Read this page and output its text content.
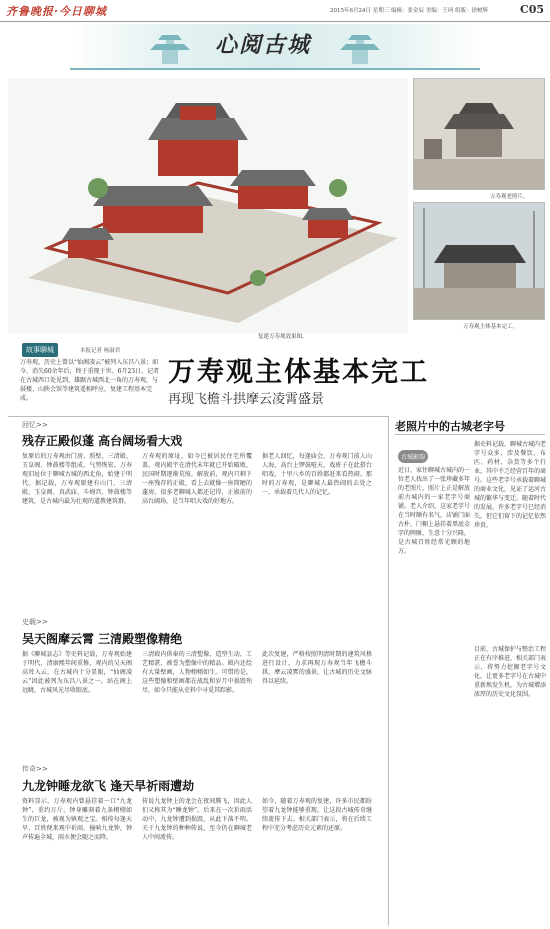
齐鲁晚报·今日聊城	2015年6月24日 星期三 编辑：张金辰 美编：王珂 组版：徐树辉	C05
心阅古城
复建万寿观效果图。
万寿观老照片。
万寿观主体基本完工。
故事聊城	本报记者 杨淑君
万寿观，历史上曾以“仙阁凌云”被列入东昌八景；如今，消失60余年后，终于重现于世。6月23日，记者在古城西口处见到，雄踞古城西北一角的万寿观，与鼓楼、山陕会馆等建筑遥相呼应，复建工程基本完成。
万寿观主体基本完工
再现飞檐斗拱摩云凌霄盛景
回忆>>
残存正殿似蓬 高台阔场看大戏
复原后的万寿观由门房、照壁、三清殿、玉皇阁、钟鼓楼等组成，气势恢宏。万寿观旧址位于聊城古城的西北角，始建于明代。据记载，万寿观原建有山门、三清殿、玉皇阁、真武庙、斗姆宫、钟鼓楼等建筑，是古城内最为壮观的道教建筑群。
万寿观的原址，如今已被居民住宅所覆盖。观内殿宇在清代末年就已开始破败，民国时期逐渐荒废。解放前，观内只剩下一座残存的正殿，看上去就像一座简陋的蓬房。很多老聊城人都还记得，正殿前的高台阔场，是当年唱大戏的好地方。
据老人回忆，每逢庙会，万寿观门前人山人海，高台上锣鼓喧天，戏班子在此搭台唱戏，十里八乡的百姓都赶来看热闹。那时的万寿观，是聊城人最热闹的去处之一，承载着几代人的记忆。
史载>>
吴天阁摩云霄 三清殿塑像精绝
据《聊城县志》等史料记载，万寿观始建于明代，清康熙年间重修，观内的吴天阁高耸入云，在古城内十分显眼，“仙阁凌云”因此被列为东昌八景之一。站在阁上远眺，古城风光尽收眼底。
三清殿内供奉的三清塑像，造型生动，工艺精湛，被誉为塑像中的精品。殿内还绘有大量壁画，人物栩栩如生。可惜的是，这些塑像和壁画都在战乱和岁月中损毁殆尽，如今只能从史料中寻觅其踪影。
此次复建，严格按照明清时期的建筑风格进行设计，力求再现万寿观当年飞檐斗拱、摩云凌霄的盛景，让古城的历史文脉得以延续。
传奇>>
九龙钟睡龙欲飞 逢天旱祈雨遭劫
资料显示，万寿观内曾悬挂着一口“九龙钟”，重约万斤，钟身雕刻着九条栩栩如生的巨龙，被视为镇观之宝。相传每逢天旱，百姓便来观中祈雨，撞响九龙钟，钟声传遍全城，雨水便会随之而降。
传说九龙钟上的龙会在夜间腾飞，因此人们又称其为“睡龙钟”。后来在一次祈雨活动中，九龙钟遭到损毁，从此下落不明。关于九龙钟的种种传说，至今仍在聊城老人中间流传。
如今，随着万寿观的复建，许多市民都盼望着九龙钟能够重现，让这段古城传奇继续流传下去。相关部门表示，将在后续工程中充分考虑历史元素的还原。
老照片中的古城老字号
古城影韵
近日，家住聊城古城内的一位老人找出了一张珍藏多年的老照片，照片上正是解放前古城内的一家老字号商铺。老人介绍，这家老字号在当时颇有名气，店铺门面古朴，门楣上悬挂着黑底金字的牌匾，生意十分兴隆，是古城百姓经常光顾的地方。
据史料记载，聊城古城内老字号众多，涉及餐饮、布匹、药材、杂货等多个行业，其中不乏经营百年的商号。这些老字号承载着聊城的商业文化，见证了运河古城的繁华与变迁。随着时代的发展，许多老字号已经消失，但它们留下的记忆依然珍贵。
目前，古城保护与整治工程正在有序推进，相关部门表示，将努力挖掘老字号文化，让更多老字号在古城中重新焕发生机，为古城增添浓厚的历史文化氛围。
